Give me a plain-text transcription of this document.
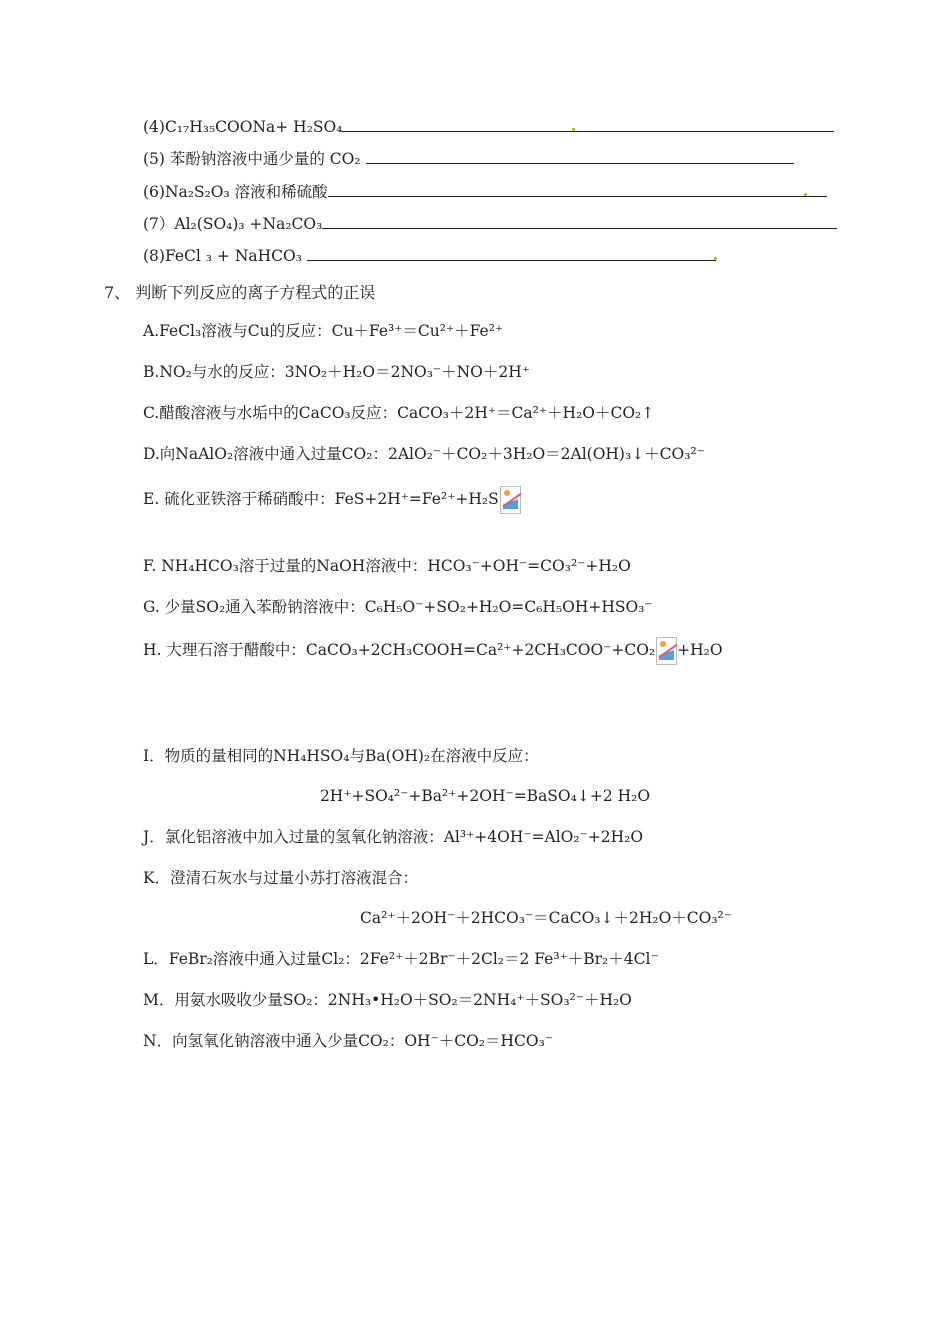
(4)C₁₇H₃₅COONa+ H₂SO₄
(5) 苯酚钠溶液中通少量的 CO₂
(6)Na₂S₂O₃ 溶液和稀硫酸
(7）Al₂(SO₄)₃ +Na₂CO₃
(8)FeCl ₃ + NaHCO₃
7、 判断下列反应的离子方程式的正误
A.FeCl₃溶液与Cu的反应：Cu＋Fe³⁺＝Cu²⁺＋Fe²⁺
B.NO₂与水的反应：3NO₂＋H₂O＝2NO₃⁻＋NO＋2H⁺
C.醋酸溶液与水垢中的CaCO₃反应：CaCO₃＋2H⁺＝Ca²⁺＋H₂O＋CO₂↑
D.向NaAlO₂溶液中通入过量CO₂：2AlO₂⁻＋CO₂＋3H₂O＝2Al(OH)₃↓＋CO₃²⁻
E. 硫化亚铁溶于稀硝酸中：FeS+2H⁺=Fe²⁺+H₂S
F. NH₄HCO₃溶于过量的NaOH溶液中：HCO₃⁻+OH⁻=CO₃²⁻+H₂O
G. 少量SO₂通入苯酚钠溶液中：C₆H₅O⁻+SO₂+H₂O=C₆H₅OH+HSO₃⁻
H. 大理石溶于醋酸中：CaCO₃+2CH₃COOH=Ca²⁺+2CH₃COO⁻+CO₂ +H₂O
I．物质的量相同的NH₄HSO₄与Ba(OH)₂在溶液中反应：
2H⁺+SO₄²⁻+Ba²⁺+2OH⁻=BaSO₄↓+2 H₂O
J．氯化铝溶液中加入过量的氢氧化钠溶液：Al³⁺+4OH⁻=AlO₂⁻+2H₂O
K．澄清石灰水与过量小苏打溶液混合：
Ca²⁺＋2OH⁻＋2HCO₃⁻＝CaCO₃↓＋2H₂O＋CO₃²⁻
L．FeBr₂溶液中通入过量Cl₂：2Fe²⁺＋2Br⁻＋2Cl₂＝2 Fe³⁺＋Br₂＋4Cl⁻
M．用氨水吸收少量SO₂：2NH₃•H₂O＋SO₂＝2NH₄⁺＋SO₃²⁻＋H₂O
N．向氢氧化钠溶液中通入少量CO₂：OH⁻＋CO₂＝HCO₃⁻
